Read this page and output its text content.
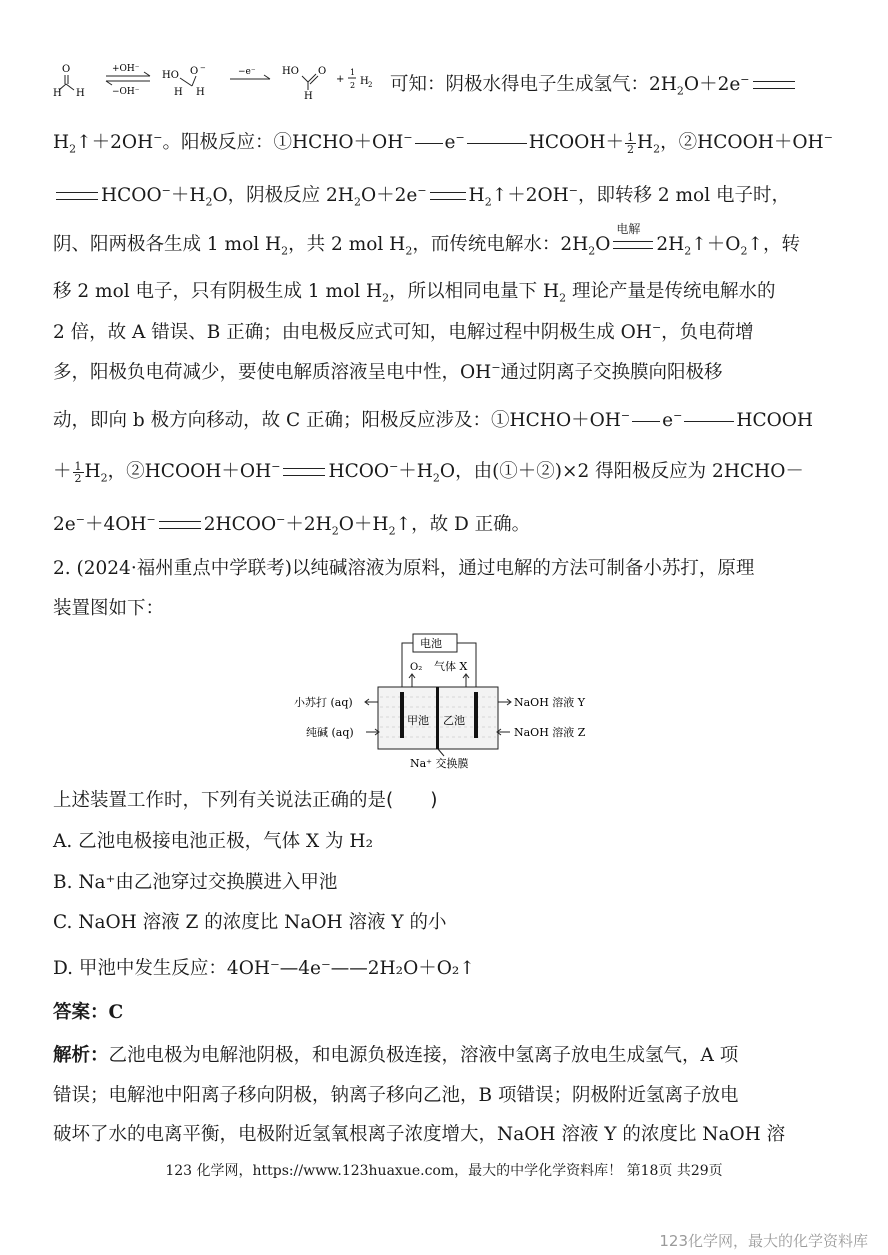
O
H H
+OH⁻
−OH⁻
HO O −
H H
−e⁻	HO O
H
+
1
2 H 2 可知：阴极水得电子生成氢气：$2H_2O+2e^-$
$H_2↑+2OH^-$。阳极反应：①HCHO＋OH− e−	HCOOH＋ $\frac{1}{2} H_2$，②HCOOH＋OH−
$HCOO^-+H_2O$，阴极反应 $2H_2O+2e^-$ $H_2↑+2OH^-$，即转移 2 mol 电子时，
阴、阳两极各生成 1 mol $H_2$，共 2 mol $H_2$，而传统电解水：$2H_2O$
电解
$2H_2↑+O_2↑$，转
移 2 mol 电子，只有阴极生成 1 mol $H_2$，所以相同电量下 $H_2$ 理论产量是传统电解水的
2 倍，故 A 错误、B 正确；由电极反应式可知，电解过程中阴极生成 OH−，负电荷增
多，阳极负电荷减少，要使电解质溶液呈电中性，OH−通过阴离子交换膜向阳极移
动，即向 b 极方向移动，故 C 正确；阳极反应涉及：①HCHO＋OH− e−	HCOOH
＋ $\frac{1}{2} H_2$，②HCOOH＋OH−	$HCOO^-+H_2O$，由(①＋②)×2 得阳极反应为 2HCHO－
2e−＋4OH−	$2HCOO^-+2H_2O+H_2↑$，故 D 正确。
2. (2024·福州重点中学联考)以纯碱溶液为原料，通过电解的方法可制备小苏打，原理
装置图如下：
电池
O₂ 气体 X
甲池 乙池
小苏打 (aq)
纯碱 (aq)
NaOH 溶液 Y
NaOH 溶液 Z
Na⁺ 交换膜
上述装置工作时，下列有关说法正确的是(　　)
A. 乙池电极接电池正极，气体 X 为 H₂
B. Na⁺由乙池穿过交换膜进入甲池
C. NaOH 溶液 Z 的浓度比 NaOH 溶液 Y 的小
D. 甲池中发生反应：4OH⁻—4e⁻——2H₂O＋O₂↑
答案：C
解析：乙池电极为电解池阴极，和电源负极连接，溶液中氢离子放电生成氢气，A 项
错误；电解池中阳离子移向阴极，钠离子移向乙池，B 项错误；阴极附近氢离子放电
破坏了水的电离平衡，电极附近氢氧根离子浓度增大，NaOH 溶液 Y 的浓度比 NaOH 溶
123 化学网，https://www.123huaxue.com，最大的中学化学资料库！ 第18页 共29页
123化学网，最大的化学资料库
